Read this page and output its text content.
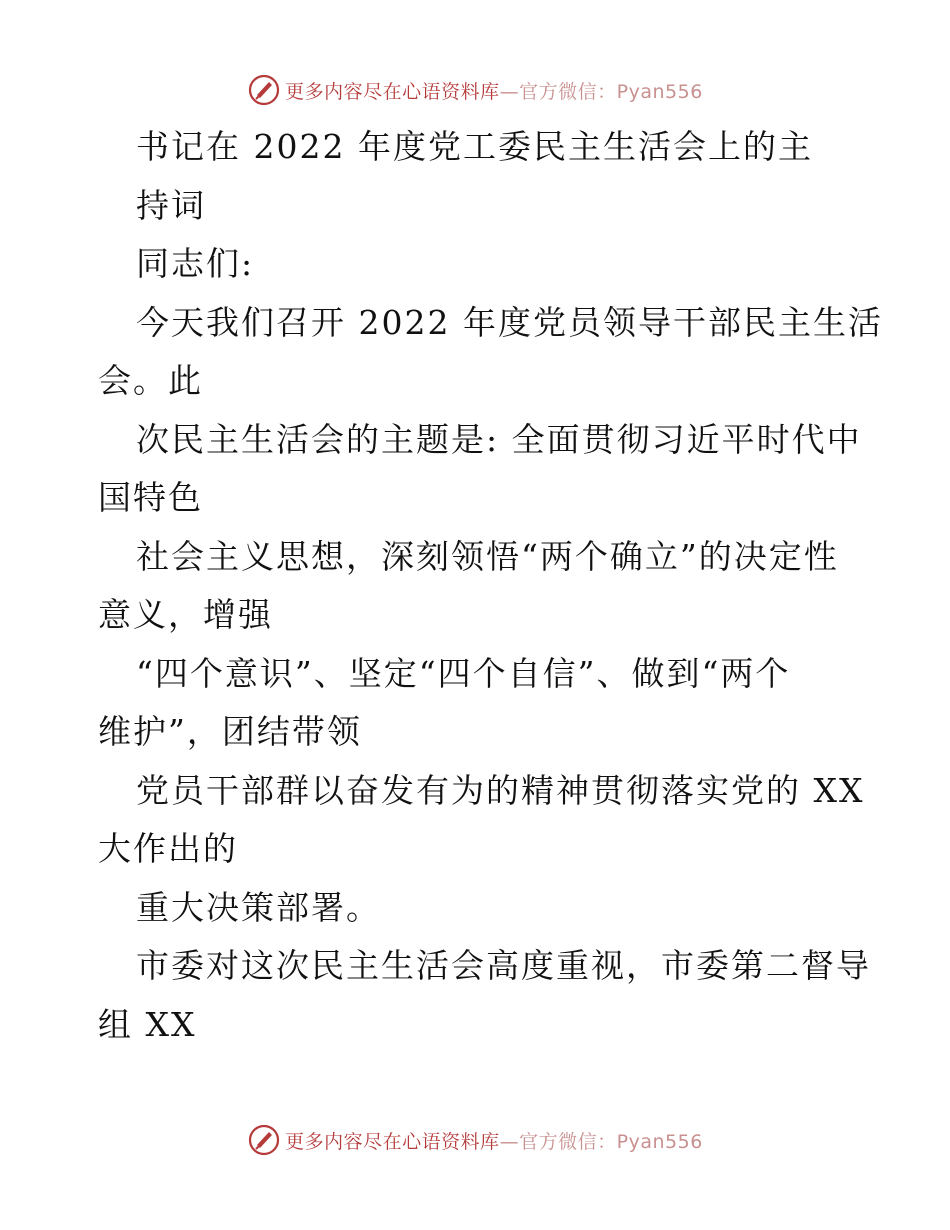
更多内容尽在心语资料库 —官方微信：Pyan556
书记在 2022 年度党工委民主生活会上的主
持词
同志们:
今天我们召开 2022 年度党员领导干部民主生活
会。此
次民主生活会的主题是: 全面贯彻习近平时代中
国特色
社会主义思想，深刻领悟“两个确立”的决定性
意义，增强
“四个意识”、坚定“四个自信”、做到“两个
维护”，团结带领
党员干部群以奋发有为的精神贯彻落实党的 XX
大作出的
重大决策部署。
市委对这次民主生活会高度重视，市委第二督导
组 XX
更多内容尽在心语资料库 —官方微信：Pyan556
